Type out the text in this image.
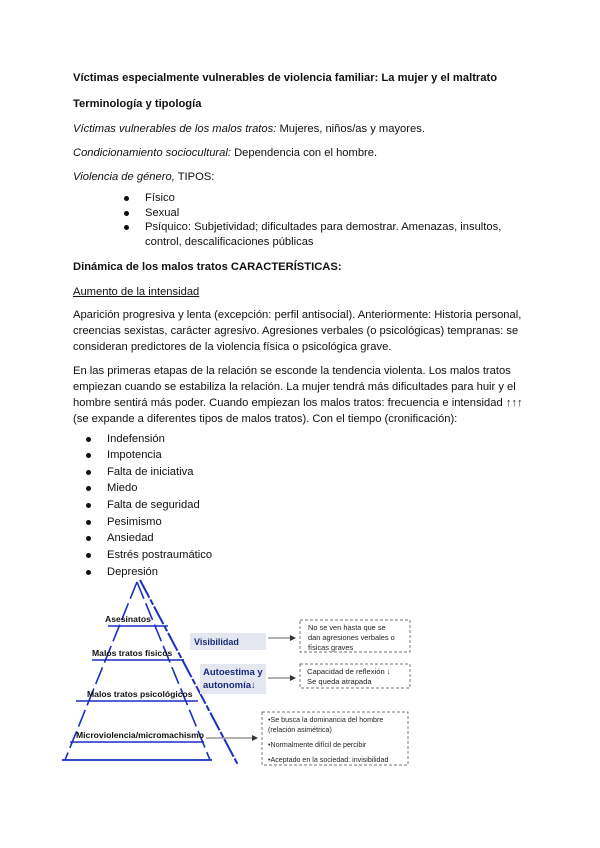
Víctimas especialmente vulnerables de violencia familiar: La mujer y el maltrato
Terminología y tipología
Víctimas vulnerables de los malos tratos: Mujeres, niños/as y mayores.
Condicionamiento sociocultural: Dependencia con el hombre.
Violencia de género, TIPOS:
Físico
Sexual
Psíquico: Subjetividad; dificultades para demostrar. Amenazas, insultos,
control, descalificaciones públicas
Dinámica de los malos tratos CARACTERÍSTICAS:
Aumento de la intensidad
Aparición progresiva y lenta (excepción: perfil antisocial). Anteriormente: Historia personal,
creencias sexistas, carácter agresivo. Agresiones verbales (o psicológicas) tempranas: se
consideran predictores de la violencia física o psicológica grave.
En las primeras etapas de la relación se esconde la tendencia violenta. Los malos tratos
empiezan cuando se estabiliza la relación. La mujer tendrá más dificultades para huir y el
hombre sentirá más poder. Cuando empiezan los malos tratos: frecuencia e intensidad ↑↑↑
(se expande a diferentes tipos de malos tratos). Con el tiempo (cronificación):
Indefensión
Impotencia
Falta de iniciativa
Miedo
Falta de seguridad
Pesimismo
Ansiedad
Estrés postraumático
Depresión
Asesinatos
Malos tratos físicos
Malos tratos psicológicos
Microviolencia/micromachismo
Visibilidad
Autoestima y
autonomía↓
No se ven hasta que se
dan agresiones verbales o
físicas graves
Capacidad de reflexión ↓
Se queda atrapada
•Se busca la dominancia del hombre
(relación asimétrica)
•Normalmente difícil de percibir
•Aceptado en la sociedad: invisibilidad
